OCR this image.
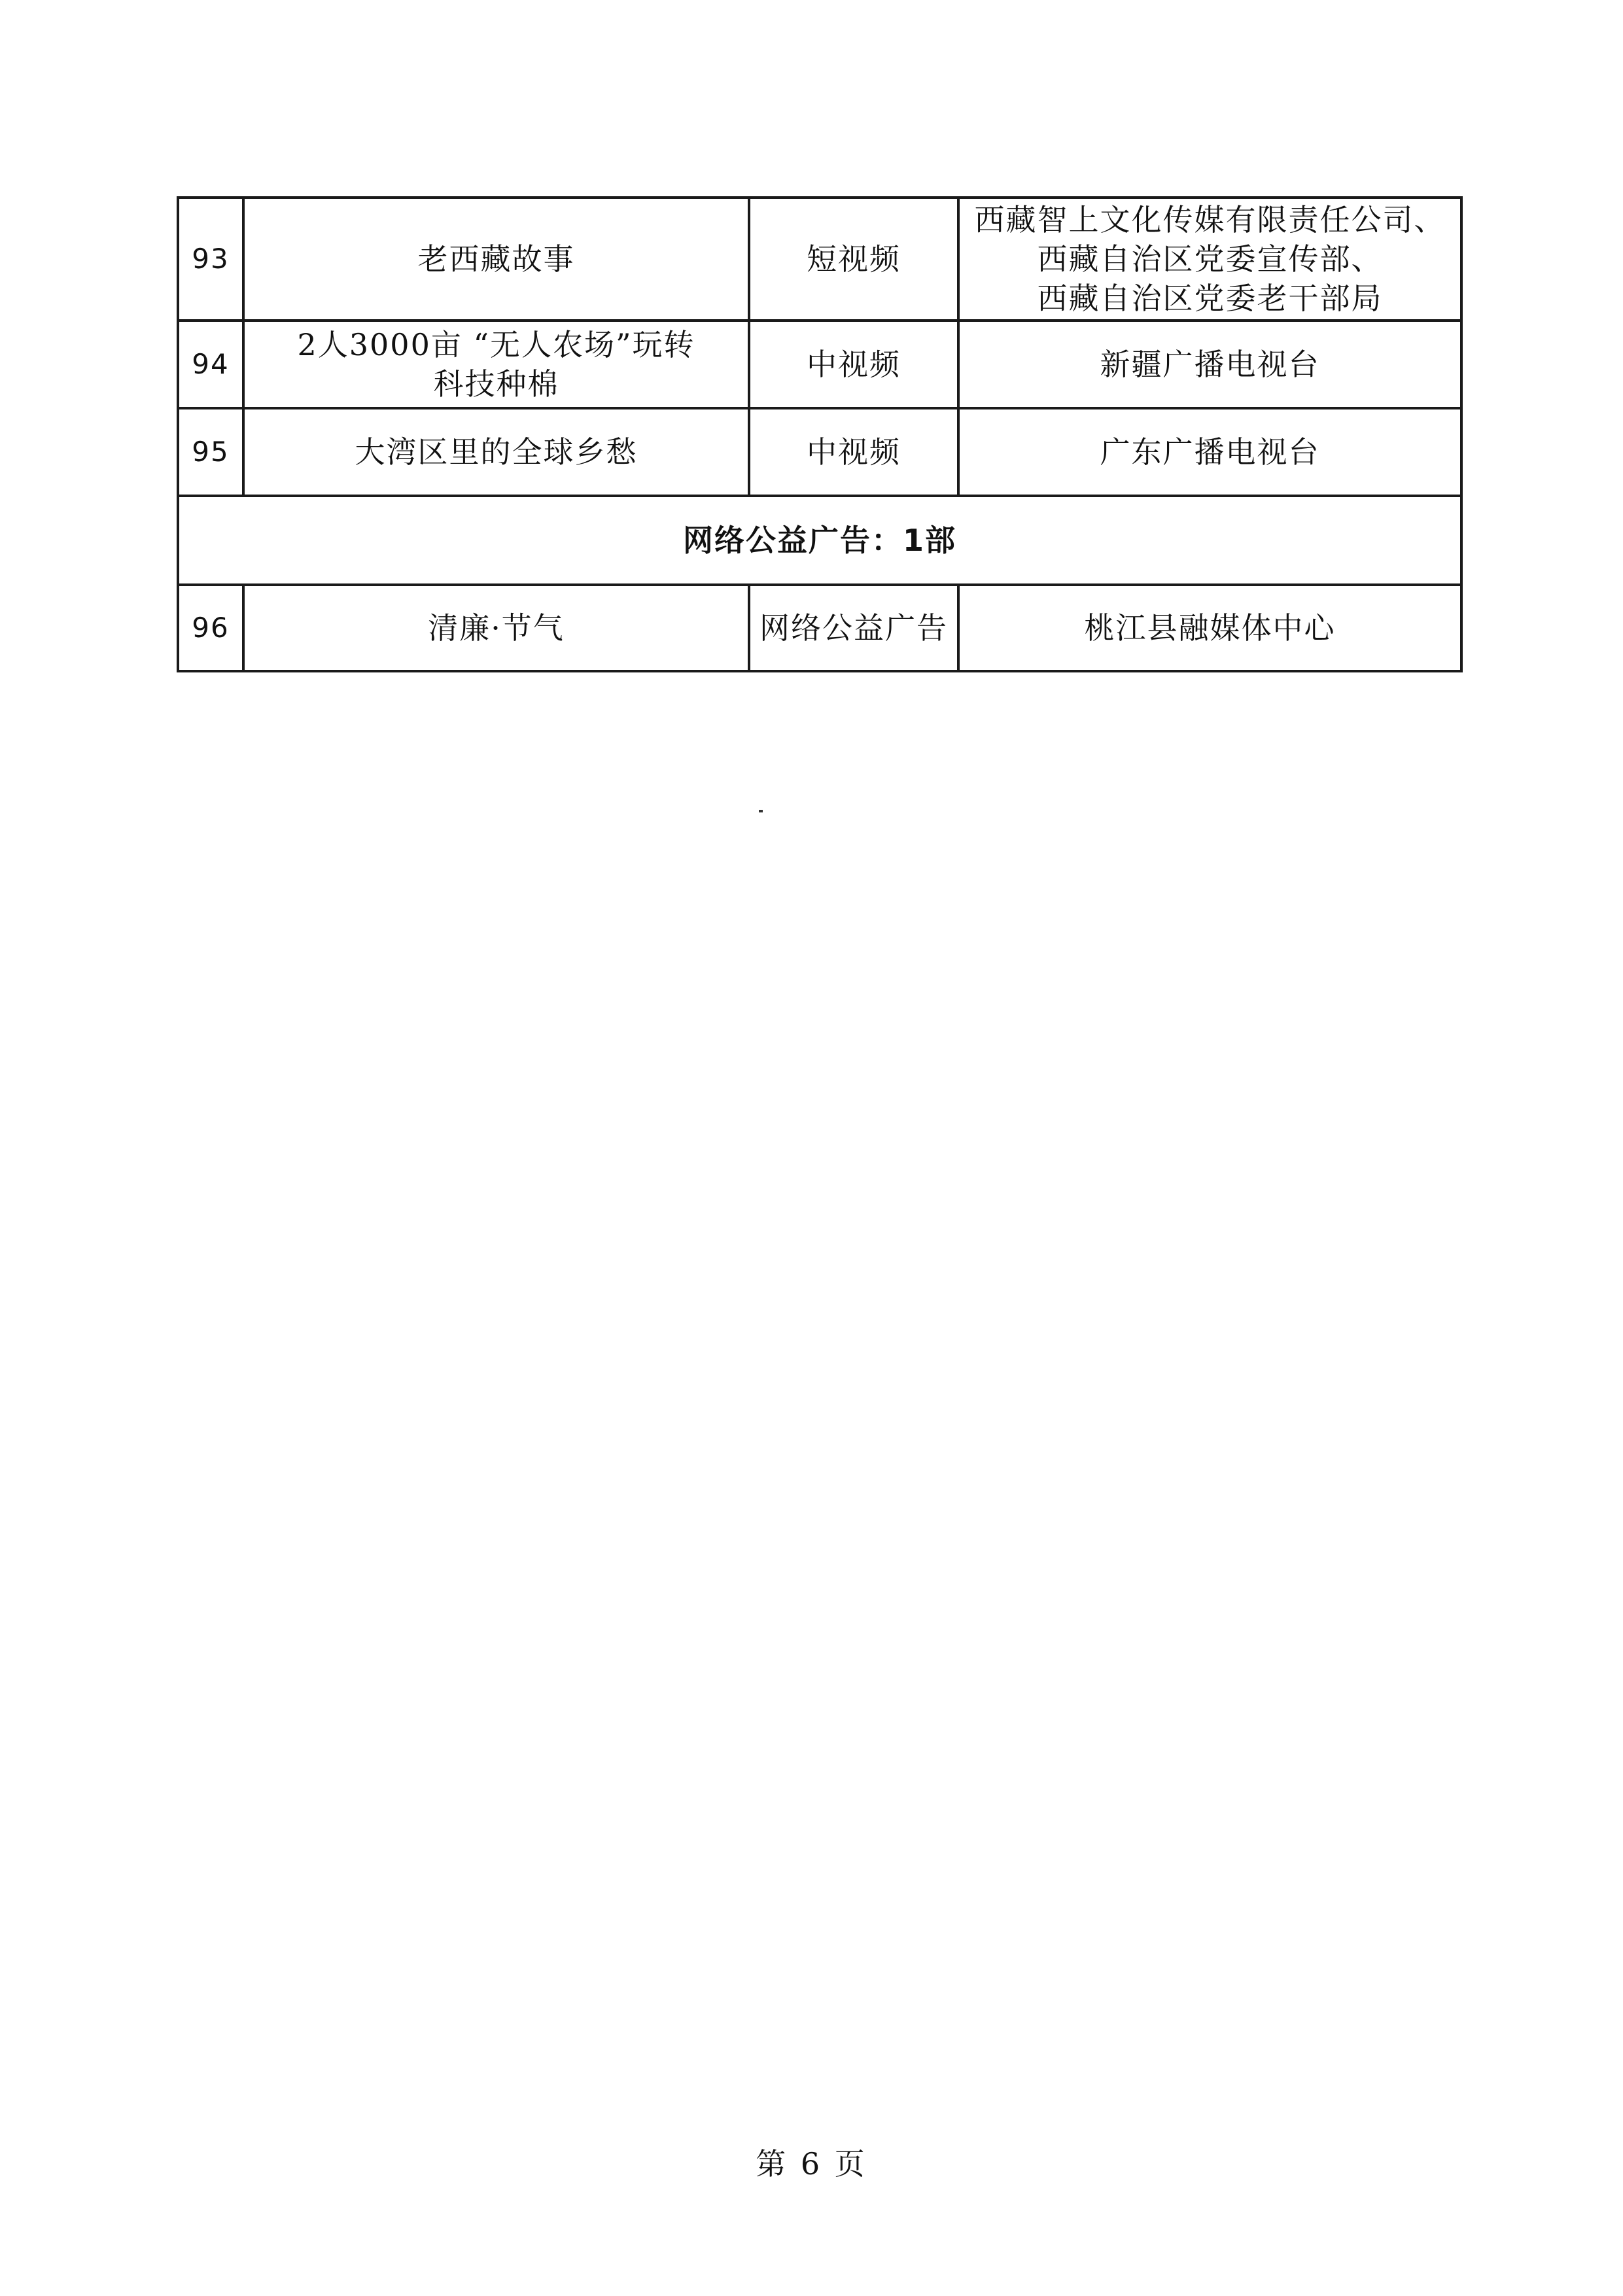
93	老西藏故事	短视频	西藏智上文化传媒有限责任公司、
西藏自治区党委宣传部、
西藏自治区党委老干部局

94	2人3000亩 “无人农场”玩转
科技种棉	中视频	新疆广播电视台

95	大湾区里的全球乡愁	中视频	广东广播电视台

网络公益广告：1部			
96	清廉·节气	网络公益广告	桃江县融媒体中心
第 6 页
